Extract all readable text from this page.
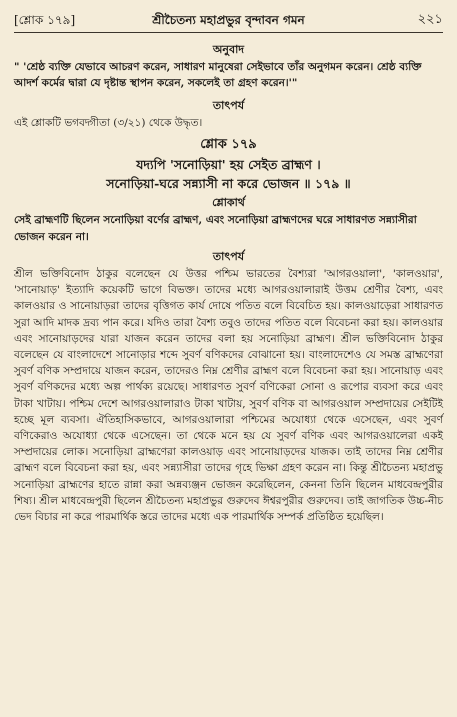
[শ্লোক ১৭৯]	শ্রীচৈতন্য মহাপ্রভুর বৃন্দাবন গমন	২২১
অনুবাদ

" 'শ্রেষ্ঠ ব্যক্তি যেভাবে আচরণ করেন, সাধারণ মানুষেরা সেইভাবে তাঁর অনুগমন করেন। শ্রেষ্ঠ ব্যক্তি আদর্শ কর্মের দ্বারা যে দৃষ্টান্ত স্থাপন করেন, সকলেই তা গ্রহণ করেন।'"

তাৎপর্য

এই শ্লোকটি ভগবদ্গীতা (৩/২১) থেকে উদ্ধৃত।

শ্লোক ১৭৯
যদ্যপি 'সনোড়িয়া' হয় সেইত ব্রাহ্মণ ।
সনোড়িয়া-ঘরে সন্ন্যাসী না করে ভোজন ॥ ১৭৯ ॥
শ্লোকার্থ

সেই ব্রাহ্মণটি ছিলেন সনোড়িয়া বর্ণের ব্রাহ্মণ, এবং সনোড়িয়া ব্রাহ্মণদের ঘরে সাধারণত সন্ন্যাসীরা ভোজন করেন না।

তাৎপর্য

শ্রীল ভক্তিবিনোদ ঠাকুর বলেছেন যে উত্তর পশ্চিম ভারতের বৈশ্যরা 'আগরওয়ালা', 'কালওয়ার', 'সানোয়াড়' ইত্যাদি কয়েকটি ভাগে বিভক্ত। তাদের মধ্যে আগরওয়ালারাই উত্তম শ্রেণীর বৈশ্য, এবং কালওয়ার ও সানোয়াড়রা তাদের বৃত্তিগত কার্য দোষে পতিত বলে বিবেচিত হয়। কালওয়াড়েরা সাধারণত সুরা আদি মাদক দ্রব্য পান করে। যদিও তারা বৈশ্য তবুও তাদের পতিত বলে বিবেচনা করা হয়। কালওয়ার এবং সানোয়াড়দের যারা যাজন করেন তাদের বলা হয় সনোড়িয়া ব্রাহ্মণ। শ্রীল ভক্তিবিনোদ ঠাকুর বলেছেন যে বাংলাদেশে সানোড়ার শব্দে সুবর্ণ বণিকদের বোঝানো হয়। বাংলাদেশেও যে সমস্ত ব্রাহ্মণেরা সুবর্ণ বণিক সম্প্রদায়ে যাজন করেন, তাদেরও নিম্ন শ্রেণীর ব্রাহ্মণ বলে বিবেচনা করা হয়। সানোয়াড় এবং সুবর্ণ বণিকদের মধ্যে অল্প পার্থক্য রয়েছে। সাধারণত সুবর্ণ বণিকেরা সোনা ও রূপোর ব্যবসা করে এবং টাকা খাটায়। পশ্চিম দেশে আগরওয়ালারাও টাকা খাটায়, সুবর্ণ বণিক বা আগরওয়াল সম্প্রদায়ের সেইটিই হচ্ছে মূল ব্যবসা। ঐতিহাসিকভাবে, আগরওয়ালারা পশ্চিমের অযোধ্যা থেকে এসেছেন, এবং সুবর্ণ বণিকেরাও অযোধ্যা থেকে এসেছেন। তা থেকে মনে হয় যে সুবর্ণ বণিক এবং আগরওয়ালেরা একই সম্প্রদায়ের লোক। সনোড়িয়া ব্রাহ্মণেরা কালওয়াড় এবং সানোয়াড়দের যাজক। তাই তাদের নিম্ন শ্রেণীর ব্রাহ্মণ বলে বিবেচনা করা হয়, এবং সন্ন্যাসীরা তাদের গৃহে ভিক্ষা গ্রহণ করেন না। কিন্তু শ্রীচৈতন্য মহাপ্রভু সনোড়িয়া ব্রাহ্মণের হাতে রান্না করা অন্নব্যঞ্জন ভোজন করেছিলেন, কেননা তিনি ছিলেন মাধবেন্দ্রপুরীর শিষ্য। শ্রীল মাধবেন্দ্রপুরী ছিলেন শ্রীচৈতন্য মহাপ্রভুর গুরুদেব ঈশ্বরপুরীর গুরুদেব। তাই জাগতিক উচ্চ-নীচ ভেদ বিচার না করে পারমার্থিক স্তরে তাদের মধ্যে এক পারমার্থিক সম্পর্ক প্রতিষ্ঠিত হয়েছিল।
